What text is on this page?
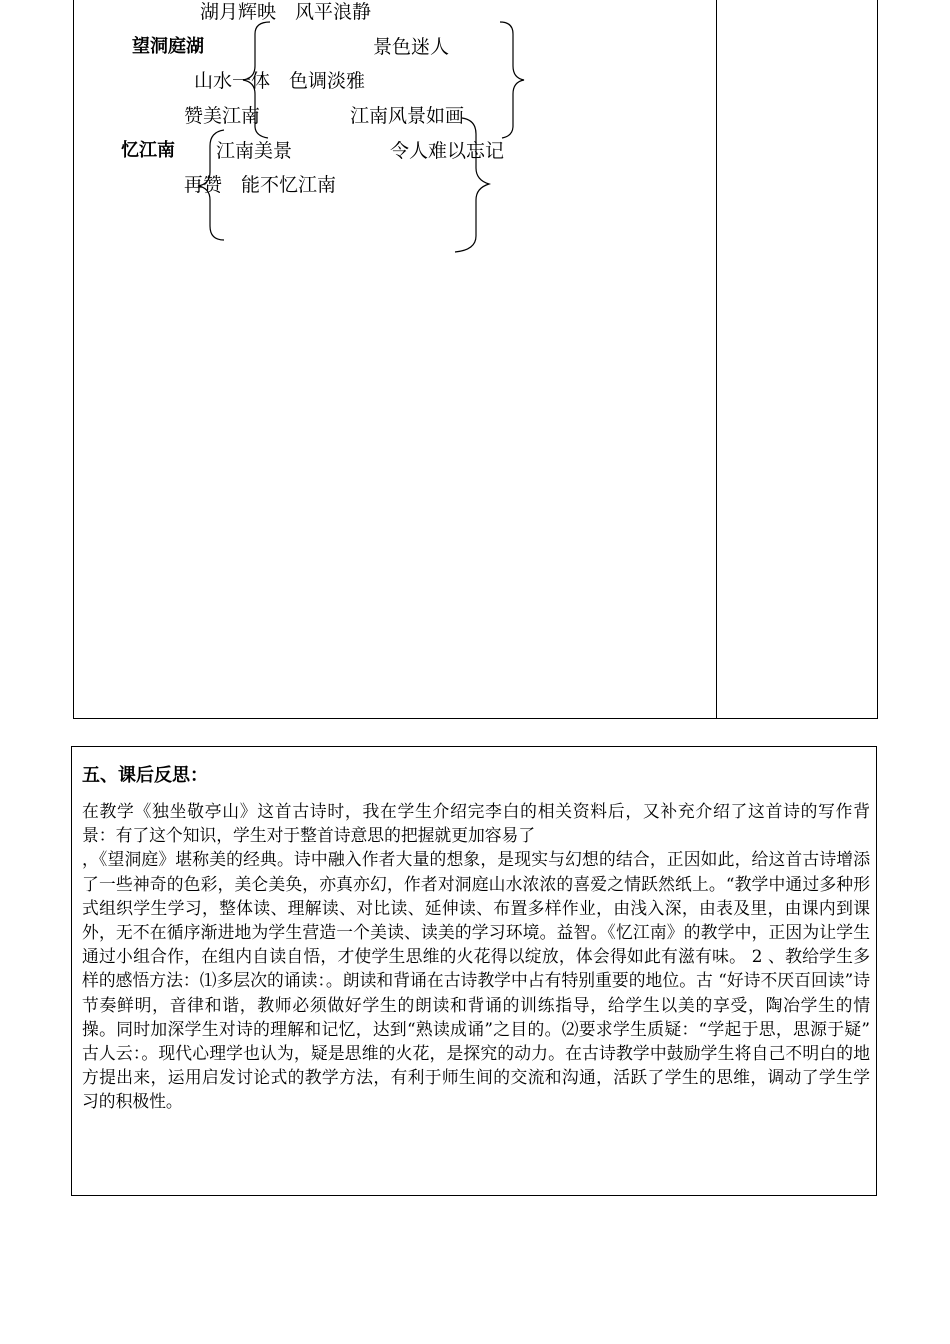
湖月辉映　风平浪静
望洞庭湖	景色迷人
山水一体　色调淡雅
赞美江南	江南风景如画
忆江南 江南美景	令人难以忘记
再赞　能不忆江南
五、课后反思：

在教学《独坐敬亭山》这首古诗时，我在学生介绍完李白的相关资料后，又补充介绍了这首诗的写作背景：有了这个知识，学生对于整首诗意思的把握就更加容易了

，《望洞庭》堪称美的经典。诗中融入作者大量的想象，是现实与幻想的结合，正因如此，给这首古诗增添了一些神奇的色彩，美仑美奂，亦真亦幻，作者对洞庭山水浓浓的喜爱之情跃然纸上。“教学中通过多种形式组织学生学习，整体读、理解读、对比读、延伸读、布置多样作业，由浅入深，由表及里，由课内到课外，无不在循序渐进地为学生营造一个美读、读美的学习环境。益智。《忆江南》的教学中，正因为让学生通过小组合作，在组内自读自悟，才使学生思维的火花得以绽放，体会得如此有滋有味。 2 、教给学生多样的感悟方法：⑴多层次的诵读：。朗读和背诵在古诗教学中占有特别重要的地位。古 “好诗不厌百回读”诗节奏鲜明，音律和谐，教师必须做好学生的朗读和背诵的训练指导，给学生以美的享受，陶冶学生的情操。同时加深学生对诗的理解和记忆，达到“熟读成诵”之目的。⑵要求学生质疑：“学起于思，思源于疑” 古人云：。现代心理学也认为，疑是思维的火花，是探究的动力。在古诗教学中鼓励学生将自己不明白的地方提出来，运用启发讨论式的教学方法，有利于师生间的交流和沟通，活跃了学生的思维，调动了学生学习的积极性。
